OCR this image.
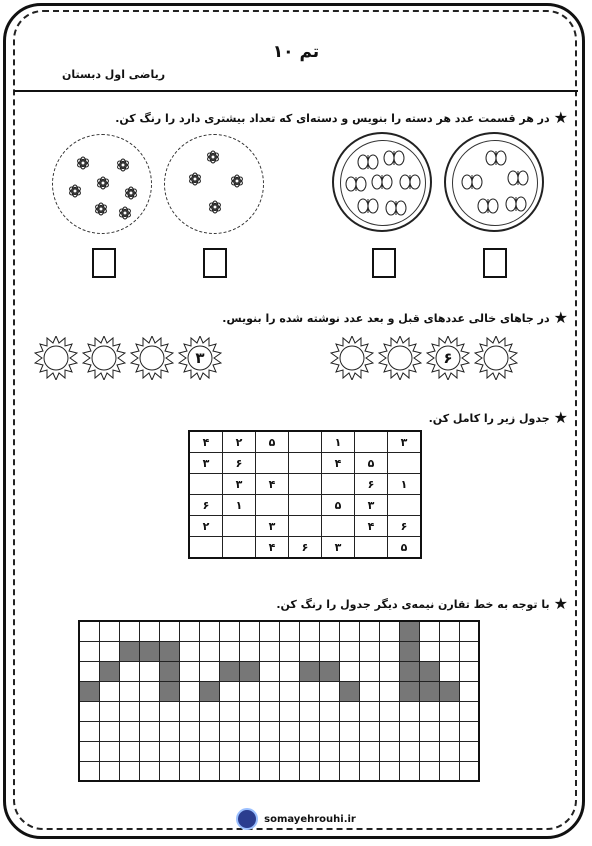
تم ۱۰
ریاضی اول دبستان
★
در هر قسمت عدد هر دسته را بنویس و دسته‌ای که تعداد بیشتری دارد را رنگ کن.
★
در جاهای خالی عددهای قبل و بعد عدد نوشته شده را بنویس.
۳	۶
★
جدول زیر را کامل کن.
۳		۱		۵	۲	۴
	۵	۴			۶	۳
۱	۶			۴	۳	
	۳	۵			۱	۶
۶	۴			۳		۲
۵		۳	۶	۴		
★
با توجه به خط تقارن نیمه‌ی دیگر جدول را رنگ کن.

somayehrouhi.ir
